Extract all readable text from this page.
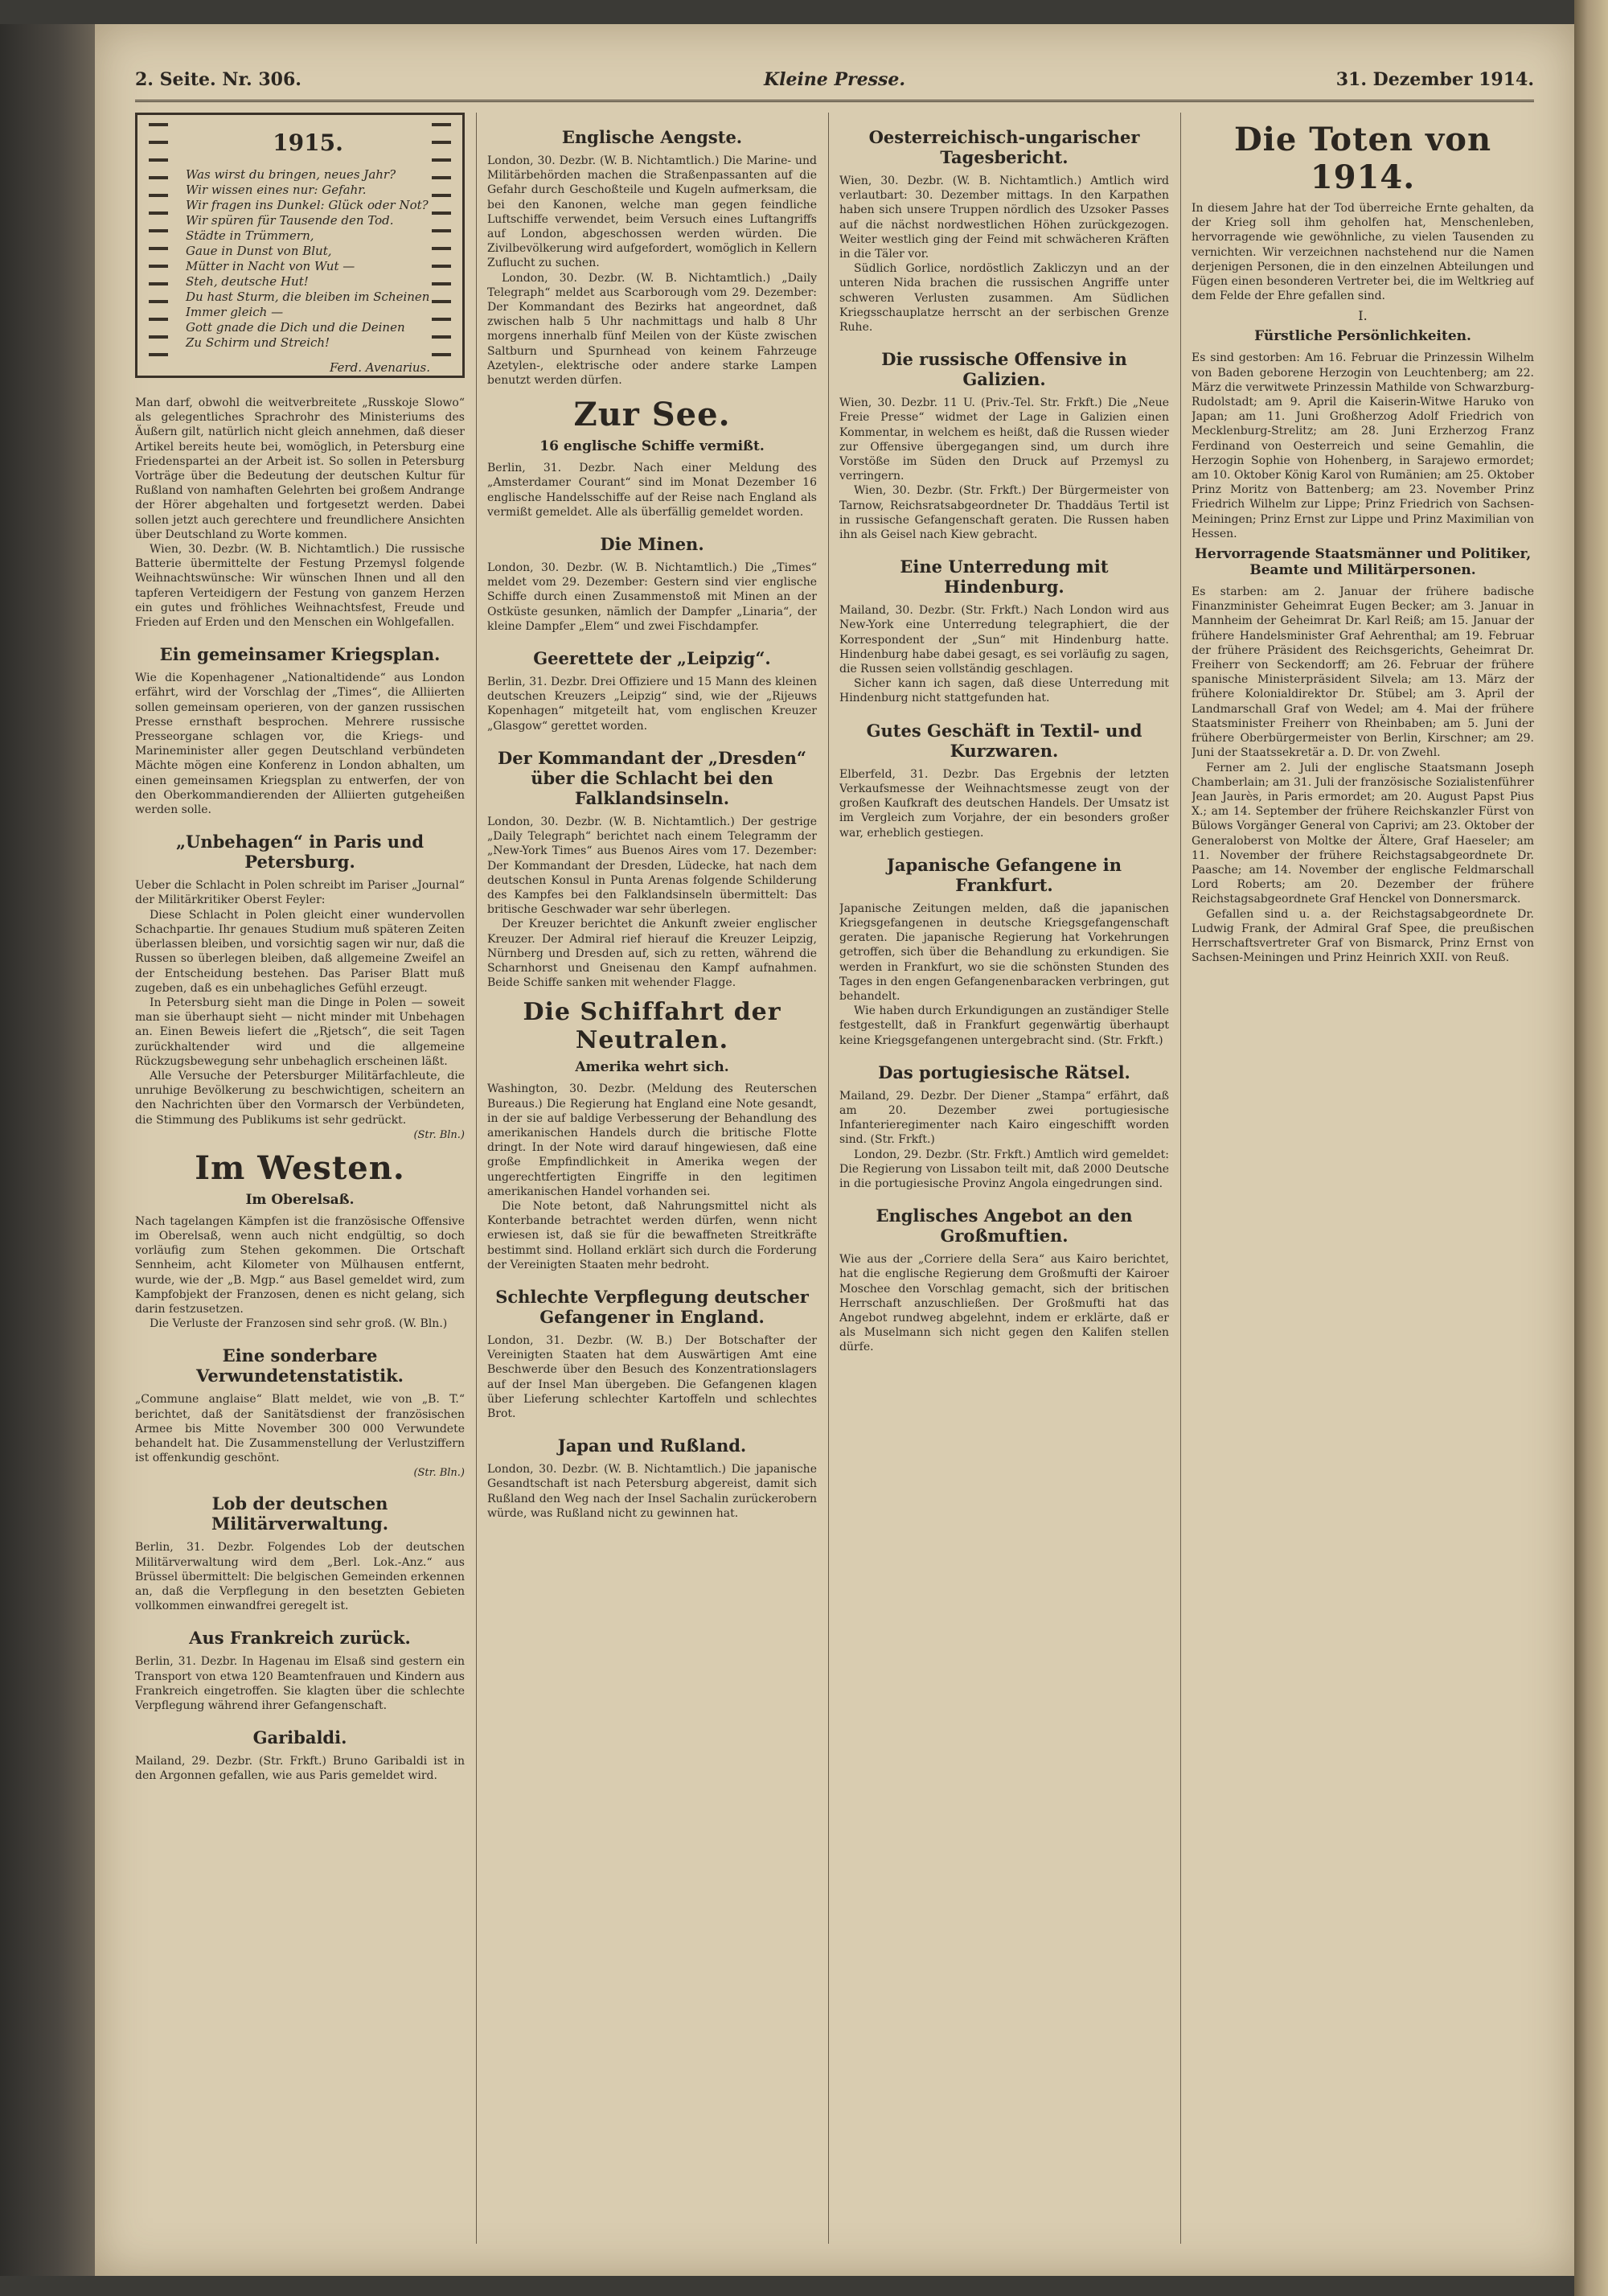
2. Seite. Nr. 306.	Kleine Presse.	31. Dezember 1914.
1915.
Was wirst du bringen, neues Jahr?
Wir wissen eines nur: Gefahr.
Wir fragen ins Dunkel: Glück oder Not?
Wir spüren für Tausende den Tod.
Städte in Trümmern,
Gaue in Dunst von Blut,
Mütter in Nacht von Wut —
Steh, deutsche Hut!
Du hast Sturm, die bleiben im Scheinen
Immer gleich —
Gott gnade die Dich und die Deinen
Zu Schirm und Streich!
Ferd. Avenarius.

Man darf, obwohl die weitverbreitete „Russkoje Slowo“ als gelegentliches Sprachrohr des Ministeriums des Äußern gilt, natürlich nicht gleich annehmen, daß dieser Artikel bereits heute bei, womöglich, in Petersburg eine Friedenspartei an der Arbeit ist. So sollen in Petersburg Vorträge über die Bedeutung der deutschen Kultur für Rußland von namhaften Gelehrten bei großem Andrange der Hörer abgehalten und fortgesetzt werden. Dabei sollen jetzt auch gerechtere und freundlichere Ansichten über Deutschland zu Worte kommen.

Wien, 30. Dezbr. (W. B. Nichtamtlich.) Die russische Batterie übermittelte der Festung Przemysl folgende Weihnachtswünsche: Wir wünschen Ihnen und all den tapferen Verteidigern der Festung von ganzem Herzen ein gutes und fröhliches Weihnachtsfest, Freude und Frieden auf Erden und den Menschen ein Wohlgefallen.

Ein gemeinsamer Kriegsplan.

Wie die Kopenhagener „Nationaltidende“ aus London erfährt, wird der Vorschlag der „Times“, die Alliierten sollen gemeinsam operieren, von der ganzen russischen Presse ernsthaft besprochen. Mehrere russische Presseorgane schlagen vor, die Kriegs- und Marineminister aller gegen Deutschland verbündeten Mächte mögen eine Konferenz in London abhalten, um einen gemeinsamen Kriegsplan zu entwerfen, der von den Oberkommandierenden der Alliierten gutgeheißen werden solle.

„Unbehagen“ in Paris und Petersburg.

Ueber die Schlacht in Polen schreibt im Pariser „Journal“ der Militärkritiker Oberst Feyler:

Diese Schlacht in Polen gleicht einer wundervollen Schachpartie. Ihr genaues Studium muß späteren Zeiten überlassen bleiben, und vorsichtig sagen wir nur, daß die Russen so überlegen bleiben, daß allgemeine Zweifel an der Entscheidung bestehen. Das Pariser Blatt muß zugeben, daß es ein unbehagliches Gefühl erzeugt.

In Petersburg sieht man die Dinge in Polen — soweit man sie überhaupt sieht — nicht minder mit Unbehagen an. Einen Beweis liefert die „Rjetsch“, die seit Tagen zurückhaltender wird und die allgemeine Rückzugsbewegung sehr unbehaglich erscheinen läßt.

Alle Versuche der Petersburger Militärfachleute, die unruhige Bevölkerung zu beschwichtigen, scheitern an den Nachrichten über den Vormarsch der Verbündeten, die Stimmung des Publikums ist sehr gedrückt.

(Str. Bln.)
Im Westen.
Im Oberelsaß.

Nach tagelangen Kämpfen ist die französische Offensive im Oberelsaß, wenn auch nicht endgültig, so doch vorläufig zum Stehen gekommen. Die Ortschaft Sennheim, acht Kilometer von Mülhausen entfernt, wurde, wie der „B. Mgp.“ aus Basel gemeldet wird, zum Kampfobjekt der Franzosen, denen es nicht gelang, sich darin festzusetzen.

Die Verluste der Franzosen sind sehr groß. (W. Bln.)

Eine sonderbare Verwundetenstatistik.

„Commune anglaise“ Blatt meldet, wie von „B. T.“ berichtet, daß der Sanitätsdienst der französischen Armee bis Mitte November 300 000 Verwundete behandelt hat. Die Zusammenstellung der Verlustziffern ist offenkundig geschönt.

(Str. Bln.)
Lob der deutschen Militärverwaltung.

Berlin, 31. Dezbr. Folgendes Lob der deutschen Militärverwaltung wird dem „Berl. Lok.-Anz.“ aus Brüssel übermittelt: Die belgischen Gemeinden erkennen an, daß die Verpflegung in den besetzten Gebieten vollkommen einwandfrei geregelt ist.

Aus Frankreich zurück.

Berlin, 31. Dezbr. In Hagenau im Elsaß sind gestern ein Transport von etwa 120 Beamtenfrauen und Kindern aus Frankreich eingetroffen. Sie klagten über die schlechte Verpflegung während ihrer Gefangenschaft.

Garibaldi.

Mailand, 29. Dezbr. (Str. Frkft.) Bruno Garibaldi ist in den Argonnen gefallen, wie aus Paris gemeldet wird.

Englische Aengste.

London, 30. Dezbr. (W. B. Nichtamtlich.) Die Marine- und Militärbehörden machen die Straßenpassanten auf die Gefahr durch Geschoßteile und Kugeln aufmerksam, die bei den Kanonen, welche man gegen feindliche Luftschiffe verwendet, beim Versuch eines Luftangriffs auf London, abgeschossen werden würden. Die Zivilbevölkerung wird aufgefordert, womöglich in Kellern Zuflucht zu suchen.

London, 30. Dezbr. (W. B. Nichtamtlich.) „Daily Telegraph“ meldet aus Scarborough vom 29. Dezember: Der Kommandant des Bezirks hat angeordnet, daß zwischen halb 5 Uhr nachmittags und halb 8 Uhr morgens innerhalb fünf Meilen von der Küste zwischen Saltburn und Spurnhead von keinem Fahrzeuge Azetylen-, elektrische oder andere starke Lampen benutzt werden dürfen.

Zur See.
16 englische Schiffe vermißt.

Berlin, 31. Dezbr. Nach einer Meldung des „Amsterdamer Courant“ sind im Monat Dezember 16 englische Handelsschiffe auf der Reise nach England als vermißt gemeldet. Alle als überfällig gemeldet worden.

Die Minen.

London, 30. Dezbr. (W. B. Nichtamtlich.) Die „Times“ meldet vom 29. Dezember: Gestern sind vier englische Schiffe durch einen Zusammenstoß mit Minen an der Ostküste gesunken, nämlich der Dampfer „Linaria“, der kleine Dampfer „Elem“ und zwei Fischdampfer.

Geerettete der „Leipzig“.

Berlin, 31. Dezbr. Drei Offiziere und 15 Mann des kleinen deutschen Kreuzers „Leipzig“ sind, wie der „Rijeuws Kopenhagen“ mitgeteilt hat, vom englischen Kreuzer „Glasgow“ gerettet worden.

Der Kommandant der „Dresden“ über die Schlacht bei den Falklandsinseln.

London, 30. Dezbr. (W. B. Nichtamtlich.) Der gestrige „Daily Telegraph“ berichtet nach einem Telegramm der „New-York Times“ aus Buenos Aires vom 17. Dezember: Der Kommandant der Dresden, Lüdecke, hat nach dem deutschen Konsul in Punta Arenas folgende Schilderung des Kampfes bei den Falklandsinseln übermittelt: Das britische Geschwader war sehr überlegen.

Der Kreuzer berichtet die Ankunft zweier englischer Kreuzer. Der Admiral rief hierauf die Kreuzer Leipzig, Nürnberg und Dresden auf, sich zu retten, während die Scharnhorst und Gneisenau den Kampf aufnahmen. Beide Schiffe sanken mit wehender Flagge.

Die Schiffahrt der Neutralen.
Amerika wehrt sich.

Washington, 30. Dezbr. (Meldung des Reuterschen Bureaus.) Die Regierung hat England eine Note gesandt, in der sie auf baldige Verbesserung der Behandlung des amerikanischen Handels durch die britische Flotte dringt. In der Note wird darauf hingewiesen, daß eine große Empfindlichkeit in Amerika wegen der ungerechtfertigten Eingriffe in den legitimen amerikanischen Handel vorhanden sei.

Die Note betont, daß Nahrungsmittel nicht als Konterbande betrachtet werden dürfen, wenn nicht erwiesen ist, daß sie für die bewaffneten Streitkräfte bestimmt sind. Holland erklärt sich durch die Forderung der Vereinigten Staaten mehr bedroht.

Schlechte Verpflegung deutscher Gefangener in England.

London, 31. Dezbr. (W. B.) Der Botschafter der Vereinigten Staaten hat dem Auswärtigen Amt eine Beschwerde über den Besuch des Konzentrationslagers auf der Insel Man übergeben. Die Gefangenen klagen über Lieferung schlechter Kartoffeln und schlechtes Brot.

Japan und Rußland.

London, 30. Dezbr. (W. B. Nichtamtlich.) Die japanische Gesandtschaft ist nach Petersburg abgereist, damit sich Rußland den Weg nach der Insel Sachalin zurückerobern würde, was Rußland nicht zu gewinnen hat.

Oesterreichisch-ungarischer Tagesbericht.

Wien, 30. Dezbr. (W. B. Nichtamtlich.) Amtlich wird verlautbart: 30. Dezember mittags. In den Karpathen haben sich unsere Truppen nördlich des Uzsoker Passes auf die nächst nordwestlichen Höhen zurückgezogen. Weiter westlich ging der Feind mit schwächeren Kräften in die Täler vor.

Südlich Gorlice, nordöstlich Zakliczyn und an der unteren Nida brachen die russischen Angriffe unter schweren Verlusten zusammen. Am Südlichen Kriegsschauplatze herrscht an der serbischen Grenze Ruhe.

Die russische Offensive in Galizien.

Wien, 30. Dezbr. 11 U. (Priv.-Tel. Str. Frkft.) Die „Neue Freie Presse“ widmet der Lage in Galizien einen Kommentar, in welchem es heißt, daß die Russen wieder zur Offensive übergegangen sind, um durch ihre Vorstöße im Süden den Druck auf Przemysl zu verringern.

Wien, 30. Dezbr. (Str. Frkft.) Der Bürgermeister von Tarnow, Reichsratsabgeordneter Dr. Thaddäus Tertil ist in russische Gefangenschaft geraten. Die Russen haben ihn als Geisel nach Kiew gebracht.

Eine Unterredung mit Hindenburg.

Mailand, 30. Dezbr. (Str. Frkft.) Nach London wird aus New-York eine Unterredung telegraphiert, die der Korrespondent der „Sun“ mit Hindenburg hatte. Hindenburg habe dabei gesagt, es sei vorläufig zu sagen, die Russen seien vollständig geschlagen.

Sicher kann ich sagen, daß diese Unterredung mit Hindenburg nicht stattgefunden hat.

Gutes Geschäft in Textil- und Kurzwaren.

Elberfeld, 31. Dezbr. Das Ergebnis der letzten Verkaufsmesse der Weihnachtsmesse zeugt von der großen Kaufkraft des deutschen Handels. Der Umsatz ist im Vergleich zum Vorjahre, der ein besonders großer war, erheblich gestiegen.

Japanische Gefangene in Frankfurt.

Japanische Zeitungen melden, daß die japanischen Kriegsgefangenen in deutsche Kriegsgefangenschaft geraten. Die japanische Regierung hat Vorkehrungen getroffen, sich über die Behandlung zu erkundigen. Sie werden in Frankfurt, wo sie die schönsten Stunden des Tages in den engen Gefangenenbaracken verbringen, gut behandelt.

Wie haben durch Erkundigungen an zuständiger Stelle festgestellt, daß in Frankfurt gegenwärtig überhaupt keine Kriegsgefangenen untergebracht sind. (Str. Frkft.)

Das portugiesische Rätsel.

Mailand, 29. Dezbr. Der Diener „Stampa“ erfährt, daß am 20. Dezember zwei portugiesische Infanterieregimenter nach Kairo eingeschifft worden sind. (Str. Frkft.)

London, 29. Dezbr. (Str. Frkft.) Amtlich wird gemeldet: Die Regierung von Lissabon teilt mit, daß 2000 Deutsche in die portugiesische Provinz Angola eingedrungen sind.

Englisches Angebot an den Großmuftien.

Wie aus der „Corriere della Sera“ aus Kairo berichtet, hat die englische Regierung dem Großmufti der Kairoer Moschee den Vorschlag gemacht, sich der britischen Herrschaft anzuschließen. Der Großmufti hat das Angebot rundweg abgelehnt, indem er erklärte, daß er als Muselmann sich nicht gegen den Kalifen stellen dürfe.

Die Toten von 1914.

In diesem Jahre hat der Tod überreiche Ernte gehalten, da der Krieg soll ihm geholfen hat, Menschenleben, hervorragende wie gewöhnliche, zu vielen Tausenden zu vernichten. Wir verzeichnen nachstehend nur die Namen derjenigen Personen, die in den einzelnen Abteilungen und Fügen einen besonderen Vertreter bei, die im Weltkrieg auf dem Felde der Ehre gefallen sind.

I.
Fürstliche Persönlichkeiten.

Es sind gestorben: Am 16. Februar die Prinzessin Wilhelm von Baden geborene Herzogin von Leuchtenberg; am 22. März die verwitwete Prinzessin Mathilde von Schwarzburg-Rudolstadt; am 9. April die Kaiserin-Witwe Haruko von Japan; am 11. Juni Großherzog Adolf Friedrich von Mecklenburg-Strelitz; am 28. Juni Erzherzog Franz Ferdinand von Oesterreich und seine Gemahlin, die Herzogin Sophie von Hohenberg, in Sarajewo ermordet; am 10. Oktober König Karol von Rumänien; am 25. Oktober Prinz Moritz von Battenberg; am 23. November Prinz Friedrich Wilhelm zur Lippe; Prinz Friedrich von Sachsen-Meiningen; Prinz Ernst zur Lippe und Prinz Maximilian von Hessen.

Hervorragende Staatsmänner und Politiker, Beamte und Militärpersonen.

Es starben: am 2. Januar der frühere badische Finanzminister Geheimrat Eugen Becker; am 3. Januar in Mannheim der Geheimrat Dr. Karl Reiß; am 15. Januar der frühere Handelsminister Graf Aehrenthal; am 19. Februar der frühere Präsident des Reichsgerichts, Geheimrat Dr. Freiherr von Seckendorff; am 26. Februar der frühere spanische Ministerpräsident Silvela; am 13. März der frühere Kolonialdirektor Dr. Stübel; am 3. April der Landmarschall Graf von Wedel; am 4. Mai der frühere Staatsminister Freiherr von Rheinbaben; am 5. Juni der frühere Oberbürgermeister von Berlin, Kirschner; am 29. Juni der Staatssekretär a. D. Dr. von Zwehl.

Ferner am 2. Juli der englische Staatsmann Joseph Chamberlain; am 31. Juli der französische Sozialistenführer Jean Jaurès, in Paris ermordet; am 20. August Papst Pius X.; am 14. September der frühere Reichskanzler Fürst von Bülows Vorgänger General von Caprivi; am 23. Oktober der Generaloberst von Moltke der Ältere, Graf Haeseler; am 11. November der frühere Reichstagsabgeordnete Dr. Paasche; am 14. November der englische Feldmarschall Lord Roberts; am 20. Dezember der frühere Reichstagsabgeordnete Graf Henckel von Donnersmarck.

Gefallen sind u. a. der Reichstagsabgeordnete Dr. Ludwig Frank, der Admiral Graf Spee, die preußischen Herrschaftsvertreter Graf von Bismarck, Prinz Ernst von Sachsen-Meiningen und Prinz Heinrich XXII. von Reuß.
